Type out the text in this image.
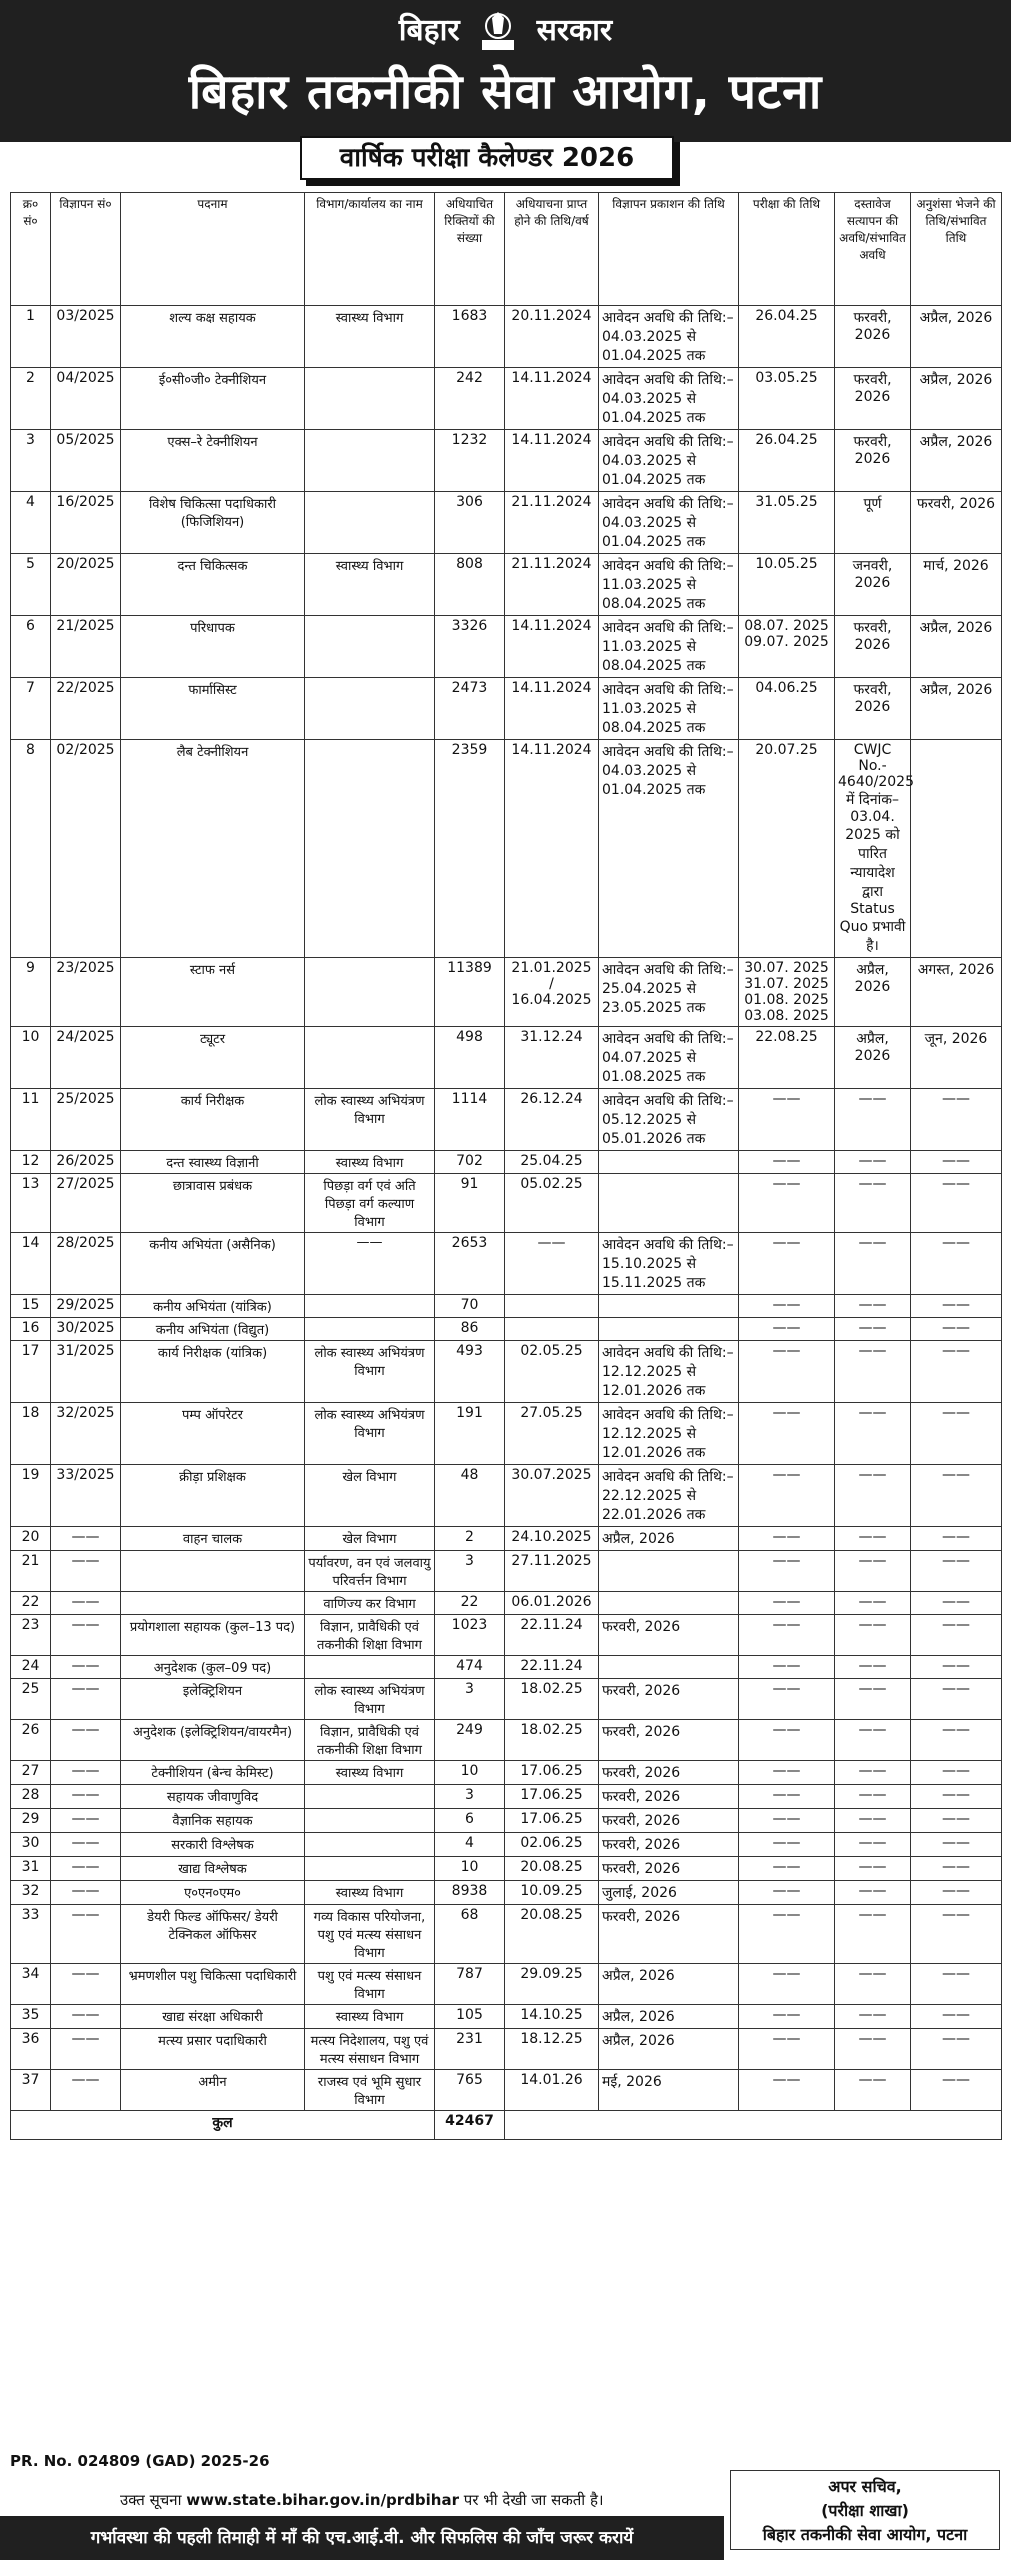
बिहार	सरकार
बिहार तकनीकी सेवा आयोग, पटना
वार्षिक परीक्षा कैलेण्डर 2026
क्र० सं०	विज्ञापन सं०	पदनाम	विभाग/कार्यालय का नाम	अधियाचित रिक्तियों की संख्या	अधियाचना प्राप्त होने की तिथि/वर्ष	विज्ञापन प्रकाशन की तिथि	परीक्षा की तिथि	दस्तावेज सत्यापन की अवधि/संभावित अवधि	अनुशंसा भेजने की तिथि/संभावित तिथि
1	03/2025	शल्य कक्ष सहायक	स्वास्थ्य विभाग	1683	20.11.2024	आवेदन अवधि की तिथि:– 04.03.2025 से 01.04.2025 तक	26.04.25	फरवरी, 2026	अप्रैल, 2026
2	04/2025	ई०सी०जी० टेक्नीशियन		242	14.11.2024	आवेदन अवधि की तिथि:– 04.03.2025 से 01.04.2025 तक	03.05.25	फरवरी, 2026	अप्रैल, 2026
3	05/2025	एक्स–रे टेक्नीशियन		1232	14.11.2024	आवेदन अवधि की तिथि:– 04.03.2025 से 01.04.2025 तक	26.04.25	फरवरी, 2026	अप्रैल, 2026
4	16/2025	विशेष चिकित्सा पदाधिकारी (फिजिशियन)		306	21.11.2024	आवेदन अवधि की तिथि:– 04.03.2025 से 01.04.2025 तक	31.05.25	पूर्ण	फरवरी, 2026
5	20/2025	दन्त चिकित्सक	स्वास्थ्य विभाग	808	21.11.2024	आवेदन अवधि की तिथि:– 11.03.2025 से 08.04.2025 तक	10.05.25	जनवरी, 2026	मार्च, 2026
6	21/2025	परिधापक		3326	14.11.2024	आवेदन अवधि की तिथि:– 11.03.2025 से 08.04.2025 तक	08.07. 2025 09.07. 2025	फरवरी, 2026	अप्रैल, 2026
7	22/2025	फार्मासिस्ट		2473	14.11.2024	आवेदन अवधि की तिथि:– 11.03.2025 से 08.04.2025 तक	04.06.25	फरवरी, 2026	अप्रैल, 2026
8	02/2025	लैब टेक्नीशियन		2359	14.11.2024	आवेदन अवधि की तिथि:– 04.03.2025 से 01.04.2025 तक	20.07.25	CWJC No.- 4640/2025 में दिनांक–03.04. 2025 को पारित न्यायादेश द्वारा Status Quo प्रभावी है।	
9	23/2025	स्टाफ नर्स		11389	21.01.2025 / 16.04.2025	आवेदन अवधि की तिथि:– 25.04.2025 से 23.05.2025 तक	30.07. 2025 31.07. 2025 01.08. 2025 03.08. 2025	अप्रैल, 2026	अगस्त, 2026
10	24/2025	ट्यूटर		498	31.12.24	आवेदन अवधि की तिथि:– 04.07.2025 से 01.08.2025 तक	22.08.25	अप्रैल, 2026	जून, 2026
11	25/2025	कार्य निरीक्षक	लोक स्वास्थ्य अभियंत्रण विभाग	1114	26.12.24	आवेदन अवधि की तिथि:– 05.12.2025 से 05.01.2026 तक	——	——	——
12	26/2025	दन्त स्वास्थ्य विज्ञानी	स्वास्थ्य विभाग	702	25.04.25		——	——	——
13	27/2025	छात्रावास प्रबंधक	पिछड़ा वर्ग एवं अति पिछड़ा वर्ग कल्याण विभाग	91	05.02.25		——	——	——
14	28/2025	कनीय अभियंता (असैनिक)	——	2653	——	आवेदन अवधि की तिथि:– 15.10.2025 से 15.11.2025 तक	——	——	——
15	29/2025	कनीय अभियंता (यांत्रिक)		70			——	——	——
16	30/2025	कनीय अभियंता (विद्युत)		86			——	——	——
17	31/2025	कार्य निरीक्षक (यांत्रिक)	लोक स्वास्थ्य अभियंत्रण विभाग	493	02.05.25	आवेदन अवधि की तिथि:– 12.12.2025 से 12.01.2026 तक	——	——	——
18	32/2025	पम्प ऑपरेटर	लोक स्वास्थ्य अभियंत्रण विभाग	191	27.05.25	आवेदन अवधि की तिथि:– 12.12.2025 से 12.01.2026 तक	——	——	——
19	33/2025	क्रीड़ा प्रशिक्षक	खेल विभाग	48	30.07.2025	आवेदन अवधि की तिथि:– 22.12.2025 से 22.01.2026 तक	——	——	——
20	——	वाहन चालक	खेल विभाग	2	24.10.2025	अप्रैल, 2026	——	——	——
21	——		पर्यावरण, वन एवं जलवायु परिवर्त्तन विभाग	3	27.11.2025		——	——	——
22	——		वाणिज्य कर विभाग	22	06.01.2026		——	——	——
23	——	प्रयोगशाला सहायक (कुल–13 पद)	विज्ञान, प्रावैधिकी एवं तकनीकी शिक्षा विभाग	1023	22.11.24	फरवरी, 2026	——	——	——
24	——	अनुदेशक (कुल–09 पद)		474	22.11.24		——	——	——
25	——	इलेक्ट्रिशियन	लोक स्वास्थ्य अभियंत्रण विभाग	3	18.02.25	फरवरी, 2026	——	——	——
26	——	अनुदेशक (इलेक्ट्रिशियन/वायरमैन)	विज्ञान, प्रावैधिकी एवं तकनीकी शिक्षा विभाग	249	18.02.25	फरवरी, 2026	——	——	——
27	——	टेक्नीशियन (बेन्च केमिस्ट)	स्वास्थ्य विभाग	10	17.06.25	फरवरी, 2026	——	——	——
28	——	सहायक जीवाणुविद		3	17.06.25	फरवरी, 2026	——	——	——
29	——	वैज्ञानिक सहायक		6	17.06.25	फरवरी, 2026	——	——	——
30	——	सरकारी विश्लेषक		4	02.06.25	फरवरी, 2026	——	——	——
31	——	खाद्य विश्लेषक		10	20.08.25	फरवरी, 2026	——	——	——
32	——	ए०एन०एम०	स्वास्थ्य विभाग	8938	10.09.25	जुलाई, 2026	——	——	——
33	——	डेयरी फिल्ड ऑफिसर/ डेयरी टेक्निकल ऑफिसर	गव्य विकास परियोजना, पशु एवं मत्स्य संसाधन विभाग	68	20.08.25	फरवरी, 2026	——	——	——
34	——	भ्रमणशील पशु चिकित्सा पदाधिकारी	पशु एवं मत्स्य संसाधन विभाग	787	29.09.25	अप्रैल, 2026	——	——	——
35	——	खाद्य संरक्षा अधिकारी	स्वास्थ्य विभाग	105	14.10.25	अप्रैल, 2026	——	——	——
36	——	मत्स्य प्रसार पदाधिकारी	मत्स्य निदेशालय, पशु एवं मत्स्य संसाधन विभाग	231	18.12.25	अप्रैल, 2026	——	——	——
37	——	अमीन	राजस्व एवं भूमि सुधार विभाग	765	14.01.26	मई, 2026	——	——	——
कुल				42467					
PR. No. 024809 (GAD) 2025-26
उक्त सूचना www.state.bihar.gov.in/prdbihar पर भी देखी जा सकती है।
अपर सचिव,
(परीक्षा शाखा)
बिहार तकनीकी सेवा आयोग, पटना
गर्भावस्था की पहली तिमाही में माँ की एच.आई.वी. और सिफलिस की जाँच जरूर करायें
